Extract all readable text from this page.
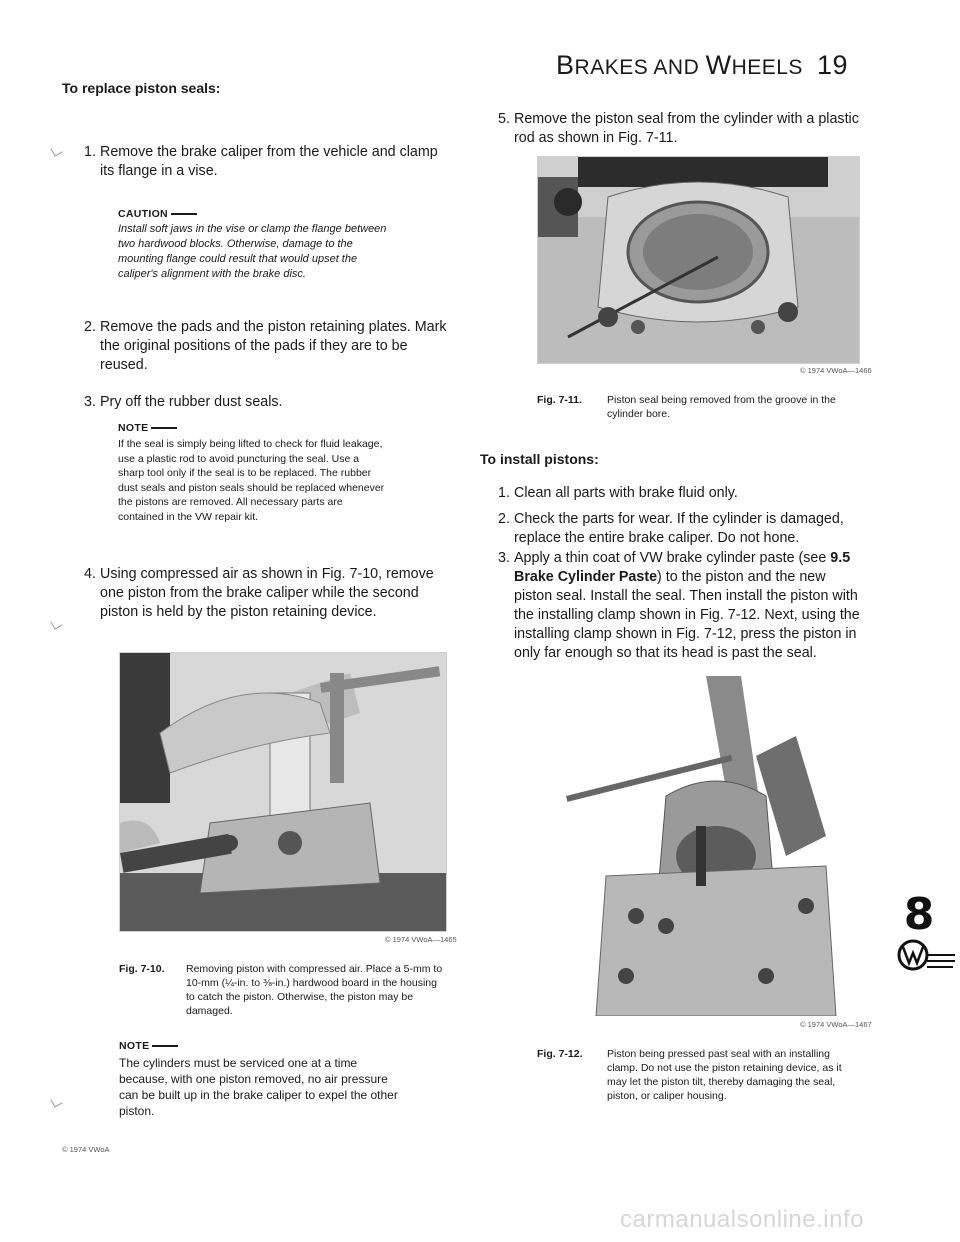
BRAKES AND WHEELS 19
To replace piston seals:
1. Remove the brake caliper from the vehicle and clamp its flange in a vise.
CAUTION
Install soft jaws in the vise or clamp the flange between two hardwood blocks. Otherwise, damage to the mounting flange could result that would upset the caliper's alignment with the brake disc.
2. Remove the pads and the piston retaining plates. Mark the original positions of the pads if they are to be reused.
3. Pry off the rubber dust seals.
NOTE
If the seal is simply being lifted to check for fluid leakage, use a plastic rod to avoid puncturing the seal. Use a sharp tool only if the seal is to be replaced. The rubber dust seals and piston seals should be replaced whenever the pistons are removed. All necessary parts are contained in the VW repair kit.
4. Using compressed air as shown in Fig. 7-10, remove one piston from the brake caliper while the second piston is held by the piston retaining device.
© 1974 VWoA—1465
Fig. 7-10. Removing piston with compressed air. Place a 5-mm to 10-mm (¼-in. to ⅜-in.) hardwood board in the housing to catch the piston. Otherwise, the piston may be damaged.
NOTE
The cylinders must be serviced one at a time because, with one piston removed, no air pressure can be built up in the brake caliper to expel the other piston.
© 1974 VWoA
5. Remove the piston seal from the cylinder with a plastic rod as shown in Fig. 7-11.
© 1974 VWoA—1466
Fig. 7-11. Piston seal being removed from the groove in the cylinder bore.
To install pistons:
1. Clean all parts with brake fluid only.
2. Check the parts for wear. If the cylinder is damaged, replace the entire brake caliper. Do not hone.
3. Apply a thin coat of VW brake cylinder paste (see 9.5 Brake Cylinder Paste) to the piston and the new piston seal. Install the seal. Then install the piston with the installing clamp shown in Fig. 7-12. Next, using the installing clamp shown in Fig. 7-12, press the piston in only far enough so that its head is past the seal.
© 1974 VWoA—1467
Fig. 7-12. Piston being pressed past seal with an installing clamp. Do not use the piston retaining device, as it may let the piston tilt, thereby damaging the seal, piston, or caliper housing.
8
carmanualsonline.info
